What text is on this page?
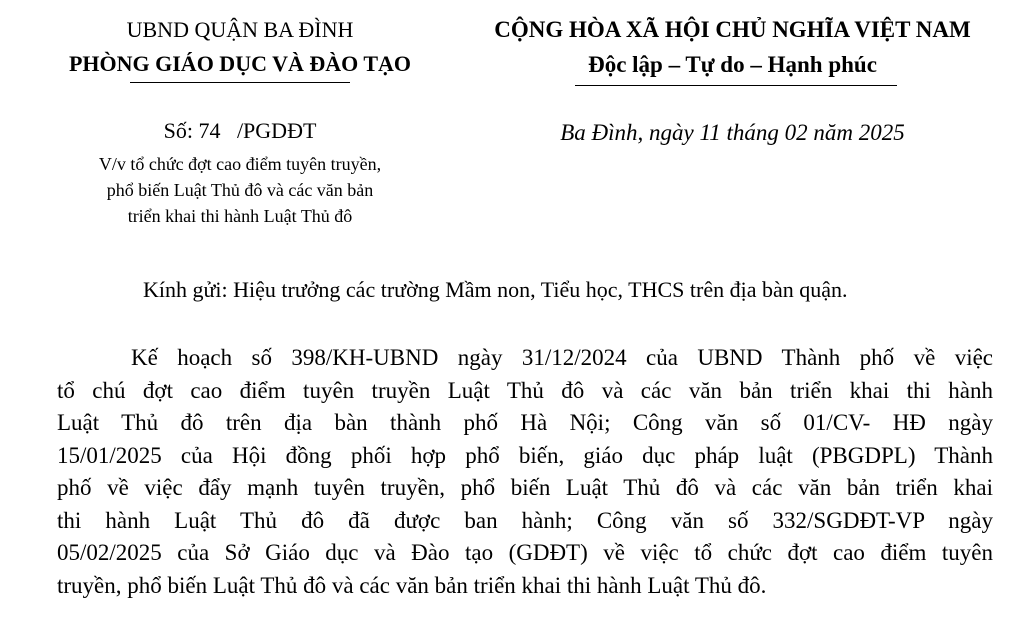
UBND QUẬN BA ĐÌNH
PHÒNG GIÁO DỤC VÀ ĐÀO TẠO
CỘNG HÒA XÃ HỘI CHỦ NGHĨA VIỆT NAM
Độc lập – Tự do – Hạnh phúc
Số: 74   /PGDĐT
V/v tổ chức đợt cao điểm tuyên truyền,
phổ biến Luật Thủ đô và các văn bản
triển khai thi hành Luật Thủ đô
Ba Đình, ngày 11 tháng 02 năm 2025
Kính gửi: Hiệu trưởng các trường Mầm non, Tiểu học, THCS trên địa bàn quận.
Kế hoạch số 398/KH-UBND ngày 31/12/2024 của UBND Thành phố về việc
tổ chú đợt cao điểm tuyên truyền Luật Thủ đô và các văn bản triển khai thi hành
Luật Thủ đô trên địa bàn thành phố Hà Nội; Công văn số 01/CV- HĐ ngày
15/01/2025 của Hội đồng phối hợp phổ biến, giáo dục pháp luật (PBGDPL) Thành
phố về việc đẩy mạnh tuyên truyền, phổ biến Luật Thủ đô và các văn bản triển khai
thi hành Luật Thủ đô đã được ban hành; Công văn số 332/SGDĐT-VP ngày
05/02/2025 của Sở Giáo dục và Đào tạo (GDĐT) về việc tổ chức đợt cao điểm tuyên
truyền, phổ biến Luật Thủ đô và các văn bản triển khai thi hành Luật Thủ đô.
